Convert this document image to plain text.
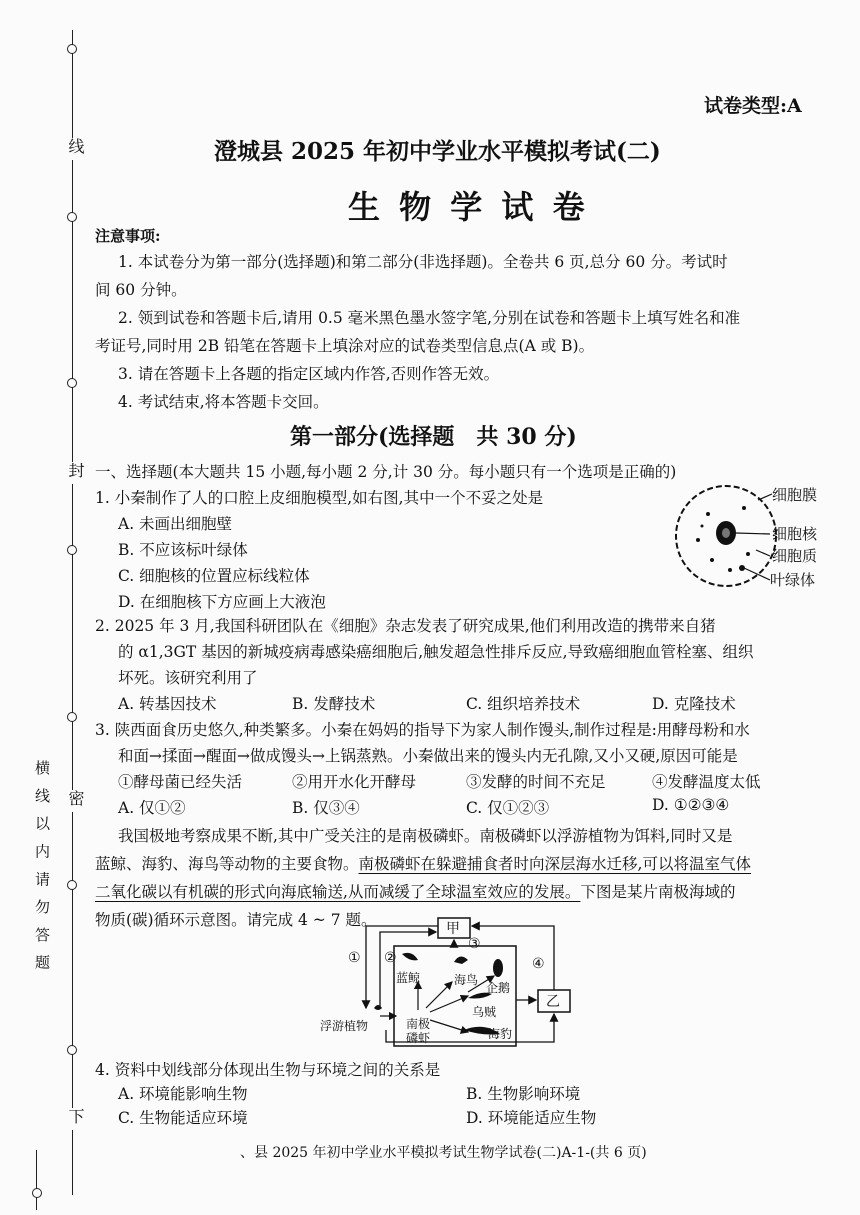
线
封
密
横 线 以 内 请 勿 答 题
下
试卷类型:A
澄城县 2025 年初中学业水平模拟考试(二)
生 物 学 试 卷
注意事项:
1. 本试卷分为第一部分(选择题)和第二部分(非选择题)。全卷共 6 页,总分 60 分。考试时
间 60 分钟。
2. 领到试卷和答题卡后,请用 0.5 毫米黑色墨水签字笔,分别在试卷和答题卡上填写姓名和准
考证号,同时用 2B 铅笔在答题卡上填涂对应的试卷类型信息点(A 或 B)。
3. 请在答题卡上各题的指定区域内作答,否则作答无效。
4. 考试结束,将本答题卡交回。
第一部分(选择题　共 30 分)
一、选择题(本大题共 15 小题,每小题 2 分,计 30 分。每小题只有一个选项是正确的)
1. 小秦制作了人的口腔上皮细胞模型,如右图,其中一个不妥之处是
A. 未画出细胞壁
B. 不应该标叶绿体
C. 细胞核的位置应标线粒体
D. 在细胞核下方应画上大液泡
细胞膜
细胞核
细胞质
叶绿体
2. 2025 年 3 月,我国科研团队在《细胞》杂志发表了研究成果,他们利用改造的携带来自猪
的 α1,3GT 基因的新城疫病毒感染癌细胞后,触发超急性排斥反应,导致癌细胞血管栓塞、组织
坏死。该研究利用了
A. 转基因技术	B. 发酵技术	C. 组织培养技术	D. 克隆技术
3. 陕西面食历史悠久,种类繁多。小秦在妈妈的指导下为家人制作馒头,制作过程是:用酵母粉和水
和面→揉面→醒面→做成馒头→上锅蒸熟。小秦做出来的馒头内无孔隙,又小又硬,原因可能是
①酵母菌已经失活	②用开水化开酵母	③发酵的时间不充足	④发酵温度太低
A. 仅①②	B. 仅③④	C. 仅①②③	D. ①②③④
我国极地考察成果不断,其中广受关注的是南极磷虾。南极磷虾以浮游植物为饵料,同时又是
蓝鲸、海豹、海鸟等动物的主要食物。南极磷虾在躲避捕食者时向深层海水迁移,可以将温室气体
二氧化碳以有机碳的形式向海底输送,从而减缓了全球温室效应的发展。下图是某片南极海域的
物质(碳)循环示意图。请完成 4 ~ 7 题。	甲
乙
① ②
③
④
蓝鲸	海鸟
企鹅
乌贼
海豹
浮游植物	南极
磷虾
4. 资料中划线部分体现出生物与环境之间的关系是
A. 环境能影响生物	B. 生物影响环境
C. 生物能适应环境	D. 环境能适应生物
、县 2025 年初中学业水平模拟考试生物学试卷(二)A-1-(共 6 页)
